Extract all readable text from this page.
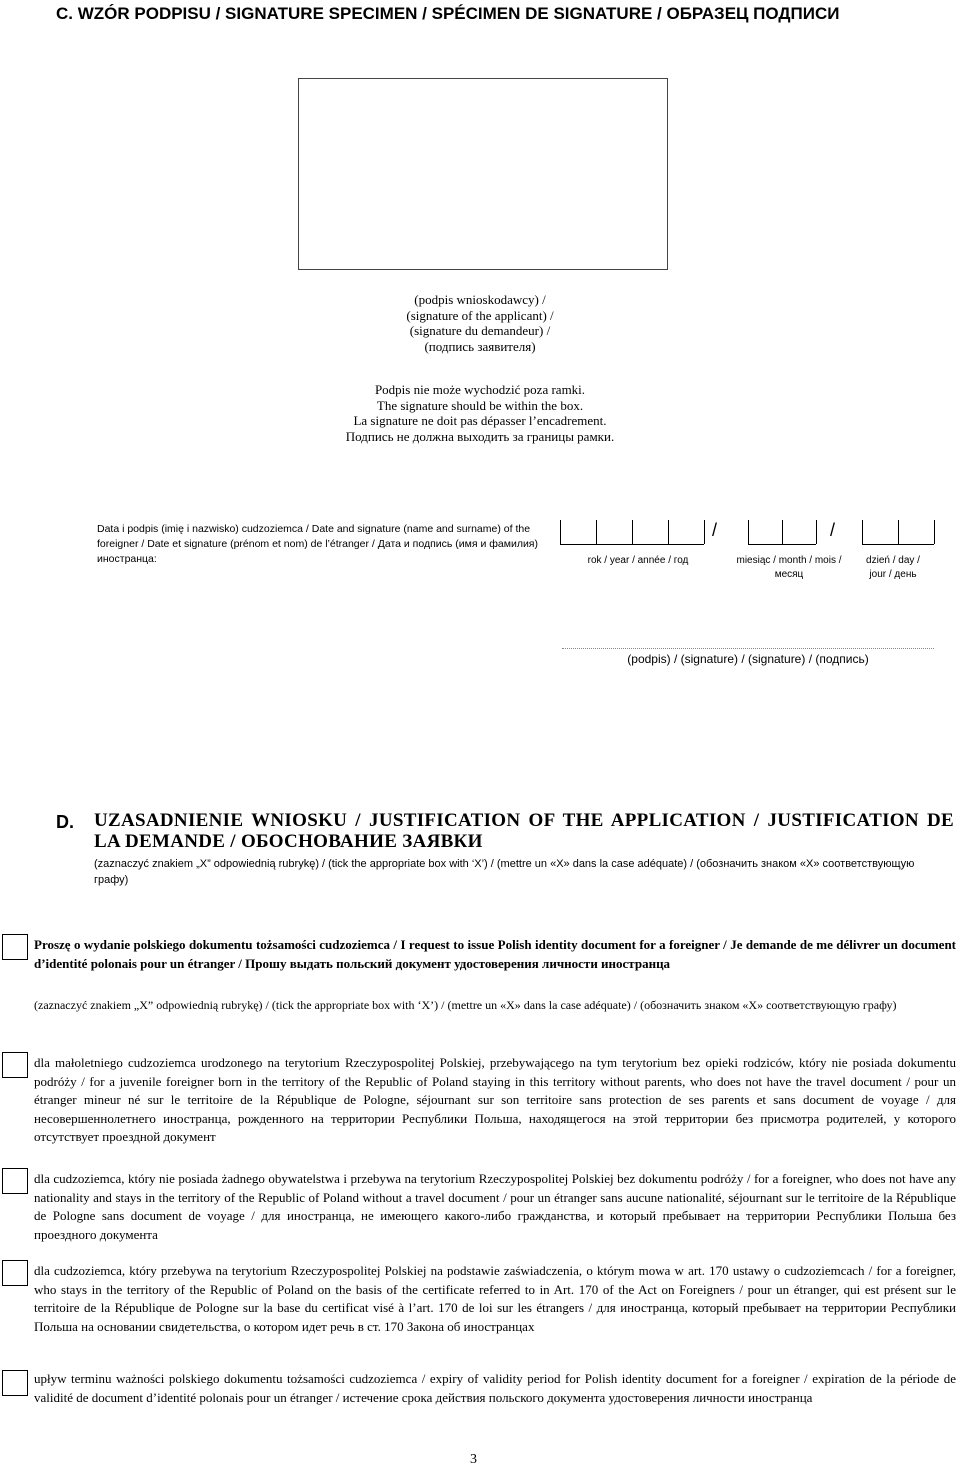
C. WZÓR PODPISU / SIGNATURE SPECIMEN / SPÉCIMEN DE SIGNATURE / ОБРАЗЕЦ ПОДПИСИ
(podpis wnioskodawcy) /
(signature of the applicant) /
(signature du demandeur) /
(подпись заявителя)
Podpis nie może wychodzić poza ramki.
The signature should be within the box.
La signature ne doit pas dépasser l’encadrement.
Подпись не должна выходить за границы рамки.
Data i podpis (imię i nazwisko) cudzoziemca / Date and signature (name and surname) of the foreigner / Date et signature (prénom et nom) de l’étranger / Дата и подпись (имя и фамилия) иностранца:
/	/
rok / year / année / год	miesiąc / month / mois / месяц
dzień / day / jour / день
(podpis) / (signature) / (signature) / (подпись)
D. UZASADNIENIE WNIOSKU / JUSTIFICATION OF THE APPLICATION / JUSTIFICATION DE LA DEMANDE / ОБОСНОВАНИЕ ЗАЯВКИ
(zaznaczyć znakiem „X” odpowiednią rubrykę) / (tick the appropriate box with ‘X’) / (mettre un «X» dans la case adéquate) / (обозначить знаком «X» соответствующую графу)
Proszę o wydanie polskiego dokumentu tożsamości cudzoziemca / I request to issue Polish identity document for a foreigner / Je demande de me délivrer un document d’identité polonais pour un étranger / Прошу выдать польский документ удостоверения личности иностранца
(zaznaczyć znakiem „X” odpowiednią rubrykę) / (tick the appropriate box with ‘X’) / (mettre un «X» dans la case adéquate) / (обозначить знаком «X» соответствующую графу)
dla małoletniego cudzoziemca urodzonego na terytorium Rzeczypospolitej Polskiej, przebywającego na tym terytorium bez opieki rodziców, który nie posiada dokumentu podróży / for a juvenile foreigner born in the territory of the Republic of Poland staying in this territory without parents, who does not have the travel document / pour un étranger mineur né sur le territoire de la République de Pologne, séjournant sur son territoire sans protection de ses parents et sans document de voyage / для несовершеннолетнего иностранца, рожденного на территории Республики Польша, находящегося на этой территории без присмотра родителей, у которого отсутствует проездной документ
dla cudzoziemca, który nie posiada żadnego obywatelstwa i przebywa na terytorium Rzeczypospolitej Polskiej bez dokumentu podróży / for a foreigner, who does not have any nationality and stays in the territory of the Republic of Poland without a travel document / pour un étranger sans aucune nationalité, séjournant sur le territoire de la République de Pologne sans document de voyage / для иностранца, не имеющего какого-либо гражданства, и который пребывает на территории Республики Польша без проездного документа
dla cudzoziemca, który przebywa na terytorium Rzeczypospolitej Polskiej na podstawie zaświadczenia, o którym mowa w art. 170 ustawy o cudzoziemcach / for a foreigner, who stays in the territory of the Republic of Poland on the basis of the certificate referred to in Art. 170 of the Act on Foreigners / pour un étranger, qui est présent sur le territoire de la République de Pologne sur la base du certificat visé à l’art. 170 de loi sur les étrangers / для иностранца, который пребывает на территории Республики Польша на основании свидетельства, о котором идет речь в ст. 170 Закона об иностранцах
upływ terminu ważności polskiego dokumentu tożsamości cudzoziemca / expiry of validity period for Polish identity document for a foreigner / expiration de la période de validité de document d’identité polonais pour un étranger / истечение срока действия польского документа удостоверения личности иностранца
3
